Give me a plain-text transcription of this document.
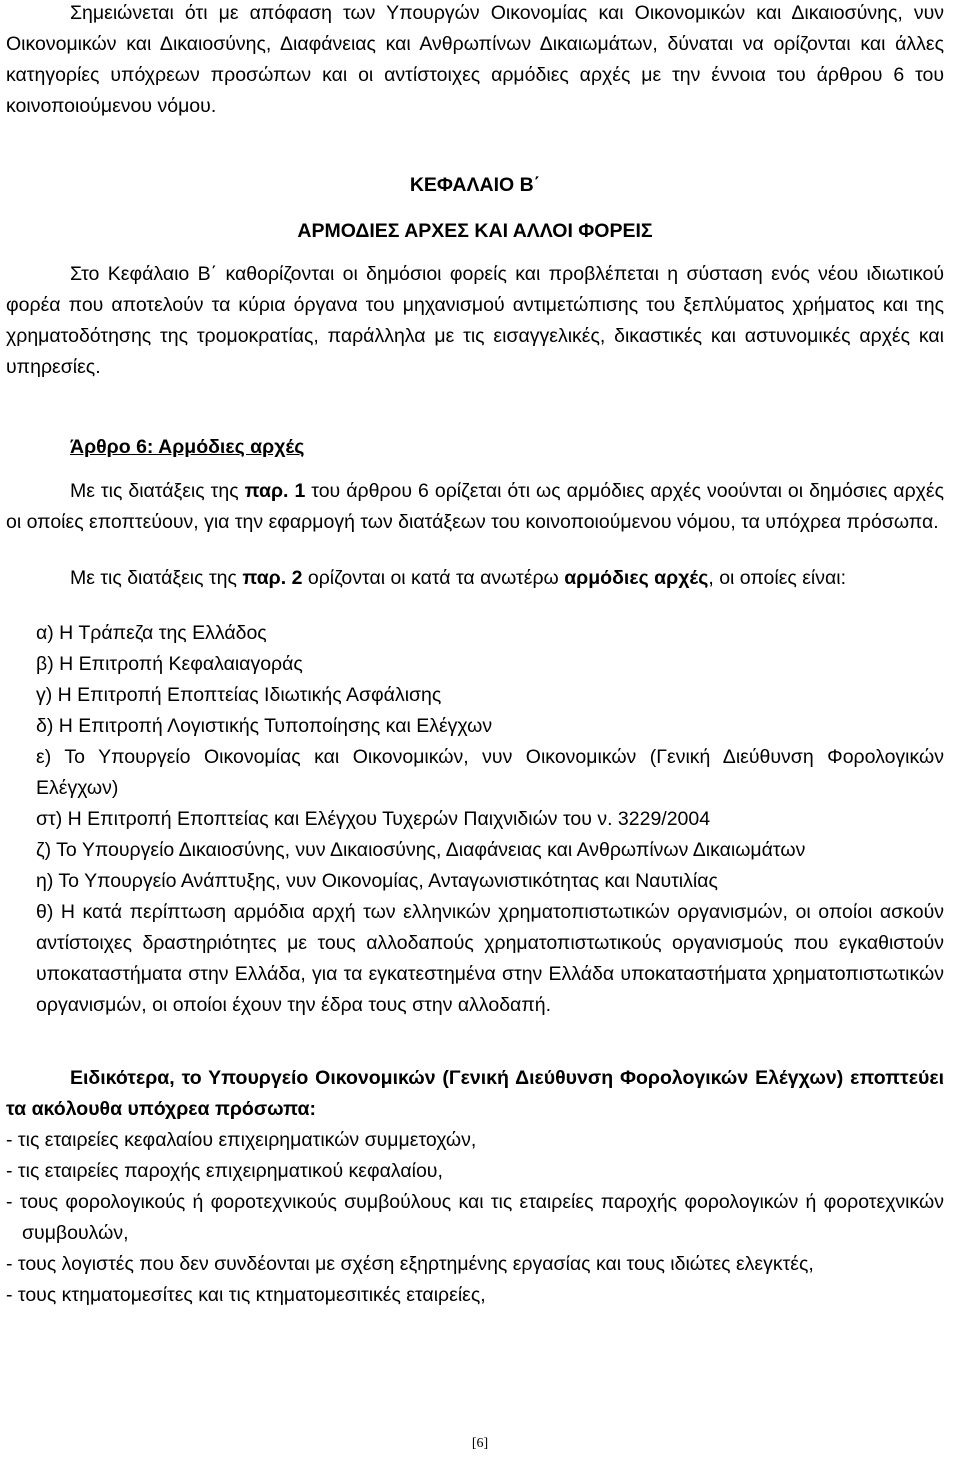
Σημειώνεται ότι με απόφαση των Υπουργών Οικονομίας και Οικονομικών και Δικαιοσύνης, νυν Οικονομικών και Δικαιοσύνης, Διαφάνειας και Ανθρωπίνων Δικαιωμάτων, δύναται να ορίζονται και άλλες κατηγορίες υπόχρεων προσώπων και οι αντίστοιχες αρμόδιες αρχές με την έννοια του άρθρου 6 του κοινοποιούμενου νόμου.

ΚΕΦΑΛΑΙΟ Β΄

ΑΡΜΟΔΙΕΣ ΑΡΧΕΣ ΚΑΙ ΑΛΛΟΙ ΦΟΡΕΙΣ

Στο Κεφάλαιο Β΄ καθορίζονται οι δημόσιοι φορείς και προβλέπεται η σύσταση ενός νέου ιδιωτικού φορέα που αποτελούν τα κύρια όργανα του μηχανισμού αντιμετώπισης του ξεπλύματος χρήματος και της χρηματοδότησης της τρομοκρατίας, παράλληλα με τις εισαγγελικές, δικαστικές και αστυνομικές αρχές και υπηρεσίες.

Άρθρο 6: Αρμόδιες αρχές

Με τις διατάξεις της παρ. 1 του άρθρου 6 ορίζεται ότι ως αρμόδιες αρχές νοούνται οι δημόσιες αρχές οι οποίες εποπτεύουν, για την εφαρμογή των διατάξεων του κοινοποιούμενου νόμου, τα υπόχρεα πρόσωπα.

Με τις διατάξεις της παρ. 2 ορίζονται οι κατά τα ανωτέρω αρμόδιες αρχές, οι οποίες είναι:

α) Η Τράπεζα της Ελλάδος

β) Η Επιτροπή Κεφαλαιαγοράς

γ) Η Επιτροπή Εποπτείας Ιδιωτικής Ασφάλισης

δ) Η Επιτροπή Λογιστικής Τυποποίησης και Ελέγχων

ε) Το Υπουργείο Οικονομίας και Οικονομικών, νυν Οικονομικών (Γενική Διεύθυνση Φορολογικών Ελέγχων)

στ) Η Επιτροπή Εποπτείας και Ελέγχου Τυχερών Παιχνιδιών του ν. 3229/2004

ζ) Το Υπουργείο Δικαιοσύνης, νυν Δικαιοσύνης, Διαφάνειας και Ανθρωπίνων Δικαιωμάτων

η) Το Υπουργείο Ανάπτυξης, νυν Οικονομίας, Ανταγωνιστικότητας και Ναυτιλίας

θ) Η κατά περίπτωση αρμόδια αρχή των ελληνικών χρηματοπιστωτικών οργανισμών, οι οποίοι ασκούν αντίστοιχες δραστηριότητες με τους αλλοδαπούς χρηματοπιστωτικούς οργανισμούς που εγκαθιστούν υποκαταστήματα στην Ελλάδα, για τα εγκατεστημένα στην Ελλάδα υποκαταστήματα χρηματοπιστωτικών οργανισμών, οι οποίοι έχουν την έδρα τους στην αλλοδαπή.

Ειδικότερα, το Υπουργείο Οικονομικών (Γενική Διεύθυνση Φορολογικών Ελέγχων) εποπτεύει τα ακόλουθα υπόχρεα πρόσωπα:

- τις εταιρείες κεφαλαίου επιχειρηματικών συμμετοχών,

- τις εταιρείες παροχής επιχειρηματικού κεφαλαίου,

- τους φορολογικούς ή φοροτεχνικούς συμβούλους και τις εταιρείες παροχής φορολογικών ή φοροτεχνικών συμβουλών,

- τους λογιστές που δεν συνδέονται με σχέση εξηρτημένης εργασίας και τους ιδιώτες ελεγκτές,

- τους κτηματομεσίτες και τις κτηματομεσιτικές εταιρείες,

[6]
